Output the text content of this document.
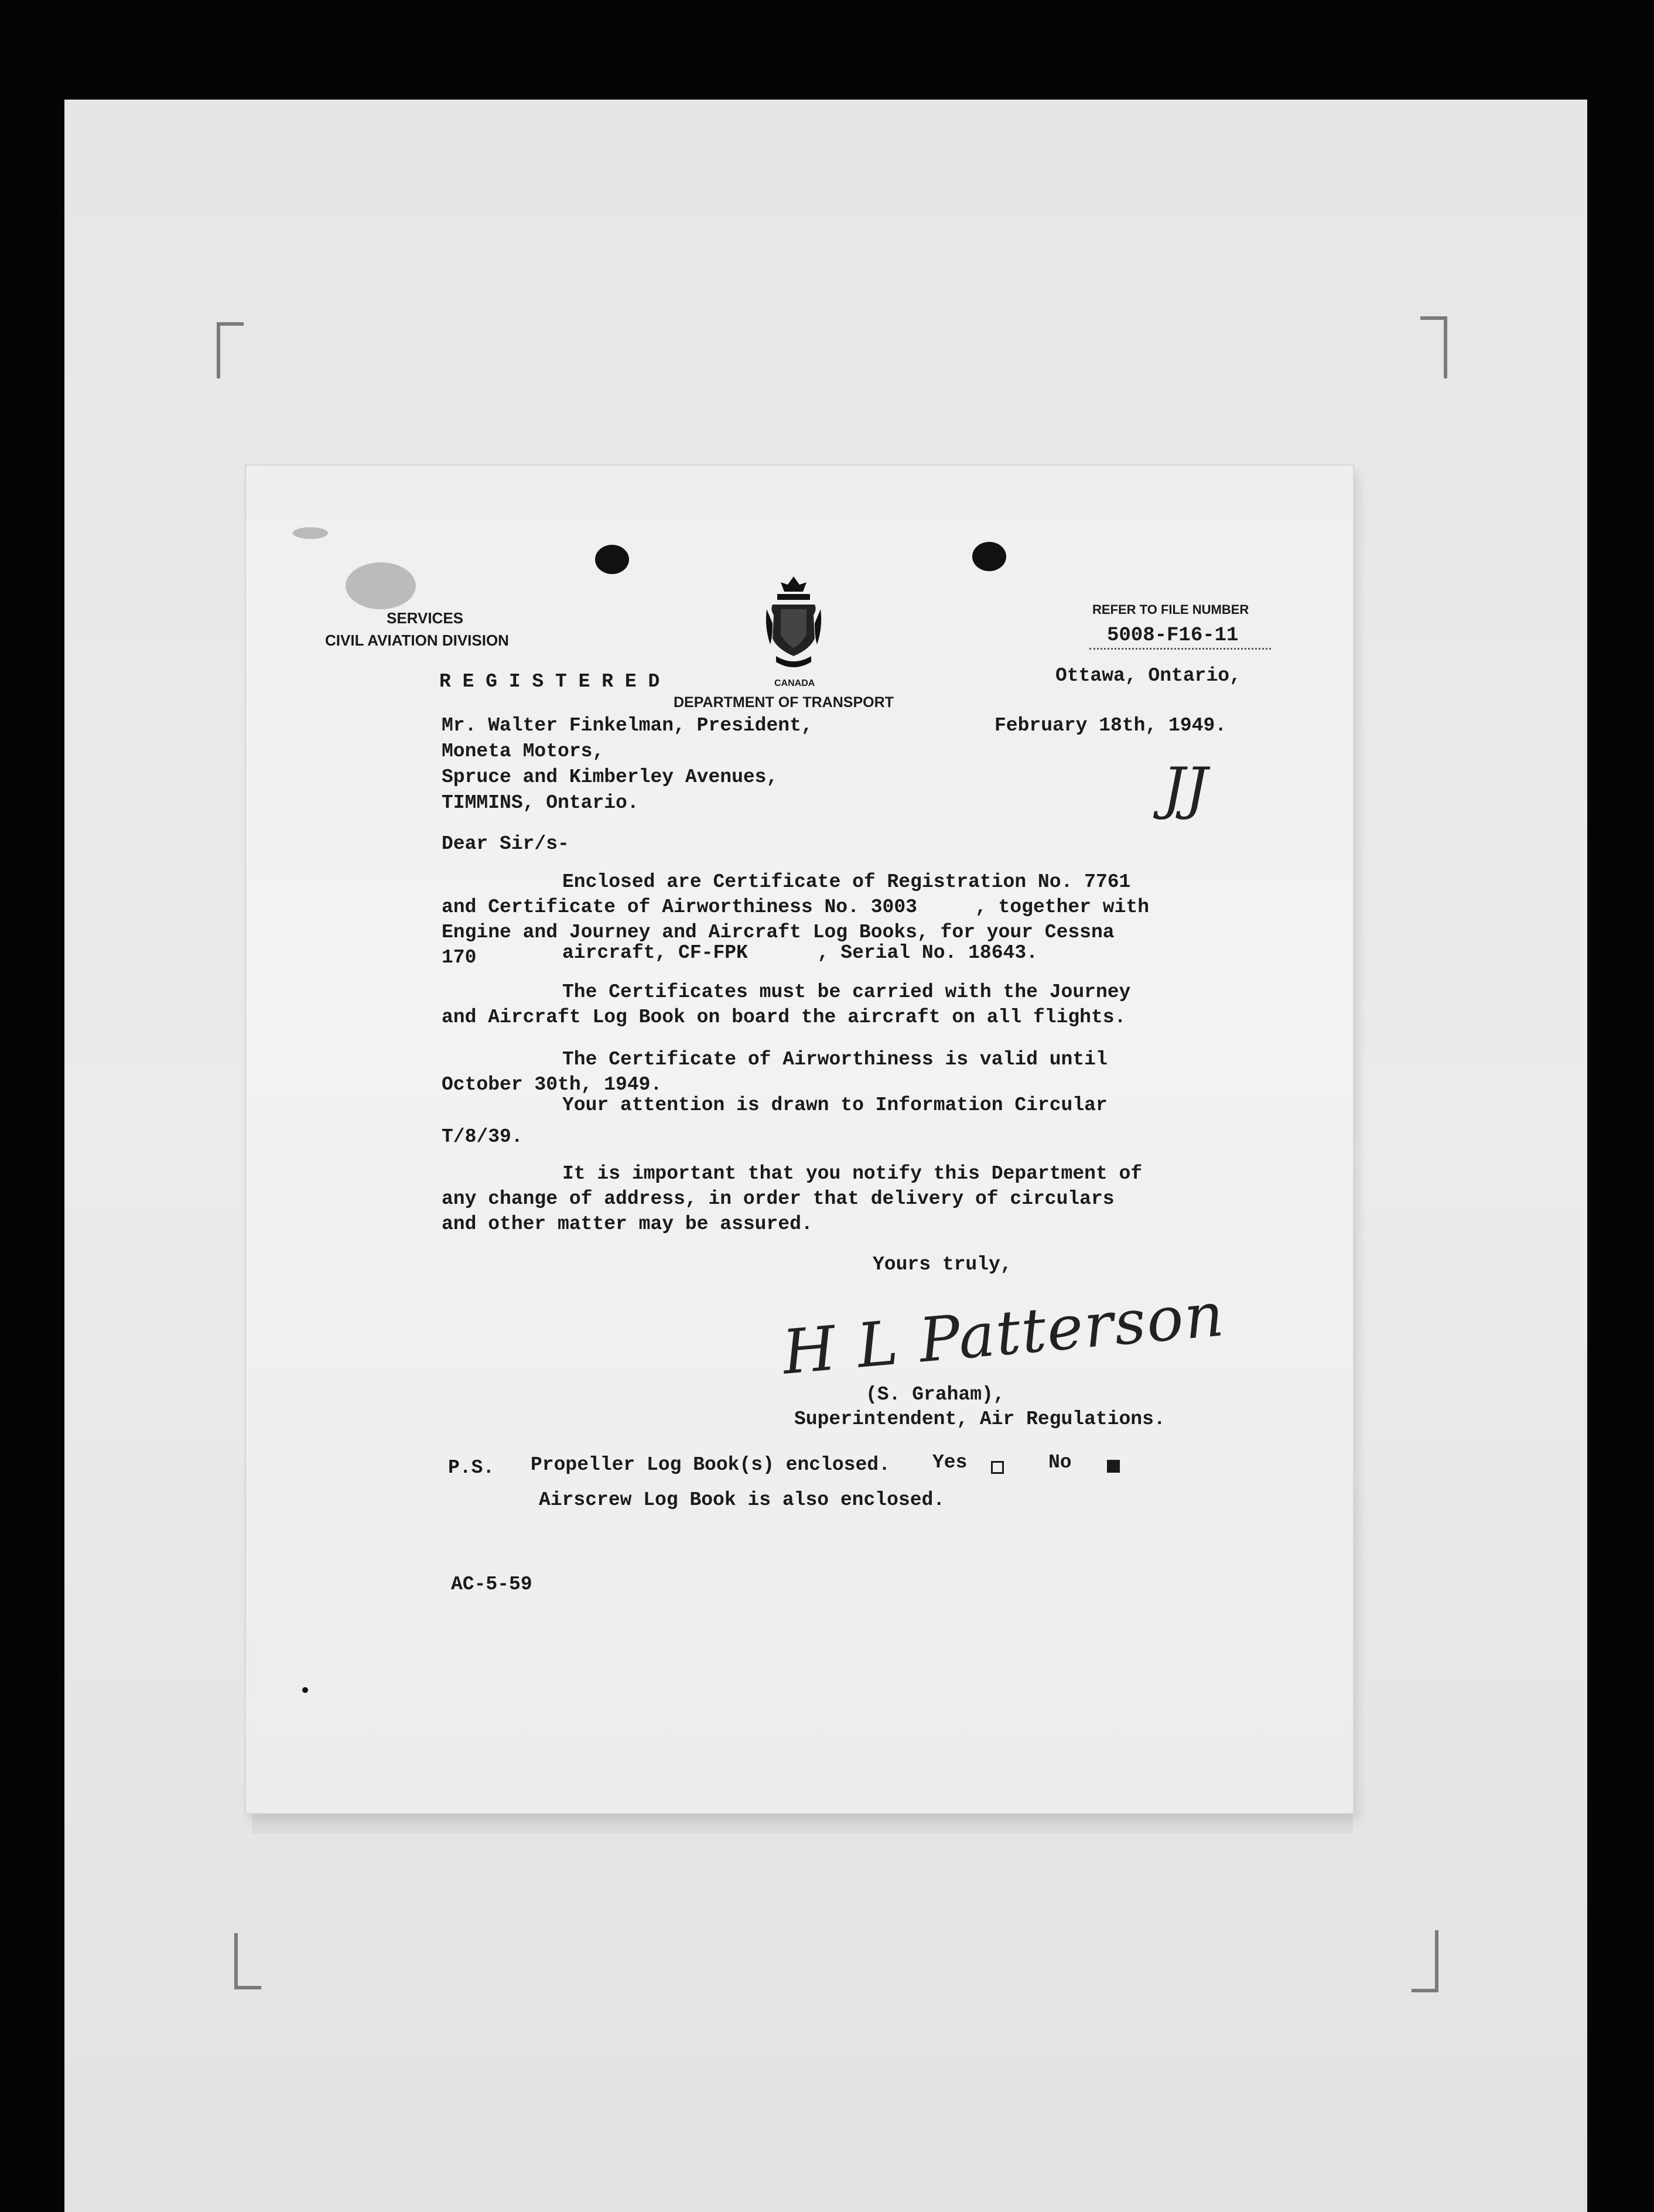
SERVICES
CIVIL AVIATION DIVISION
CANADA
DEPARTMENT OF TRANSPORT
REFER TO FILE NUMBER
5008-F16-11
R E G I S T E R E D	Ottawa, Ontario,
February 18th, 1949.
JJ
Mr. Walter Finkelman, President,
Moneta Motors,
Spruce and Kimberley Avenues,
TIMMINS, Ontario.
Dear Sir/s-
Enclosed are Certificate of Registration No. 7761
and Certificate of Airworthiness No. 3003     , together with
Engine and Journey and Aircraft Log Books, for your Cessna
170	aircraft, CF-FPK      , Serial No. 18643.
The Certificates must be carried with the Journey
and Aircraft Log Book on board the aircraft on all flights.
The Certificate of Airworthiness is valid until
October 30th, 1949.
Your attention is drawn to Information Circular
T/8/39.
It is important that you notify this Department of
any change of address, in order that delivery of circulars
and other matter may be assured.
Yours truly,
H L Patterson
(S. Graham),
Superintendent, Air Regulations.
P.S. Propeller Log Book(s) enclosed. Yes	No
Airscrew Log Book is also enclosed.
AC-5-59
